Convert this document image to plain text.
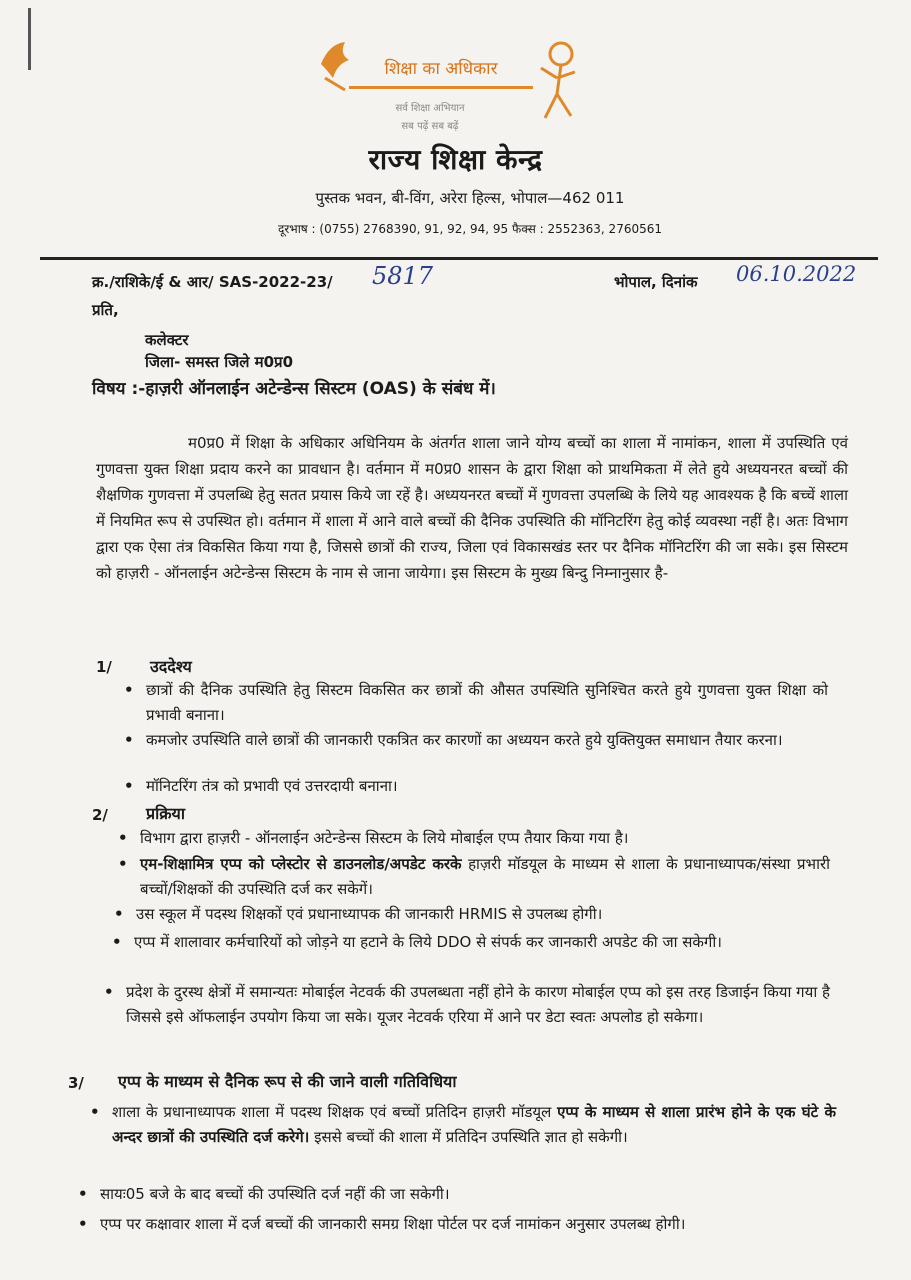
शिक्षा का अधिकार
सर्व शिक्षा अभियान
सब पढ़ें सब बढ़ें
राज्य शिक्षा केन्द्र
पुस्तक भवन, बी-विंग, अरेरा हिल्स, भोपाल—462 011
दूरभाष : (0755) 2768390, 91, 92, 94, 95 फैक्स : 2552363, 2760561
क्र./राशिके/ई & आर/ SAS-2022-23/ 5817	भोपाल, दिनांक 06.10.2022
प्रति,
कलेक्टर
जिला- समस्त जिले म0प्र0
विषय :-हाज़री ऑनलाईन अटेन्डेन्स सिस्टम (OAS) के संबंध में।
म0प्र0 में शिक्षा के अधिकार अधिनियम के अंतर्गत शाला जाने योग्य बच्चों का शाला में नामांकन, शाला में उपस्थिति एवं गुणवत्ता युक्त शिक्षा प्रदाय करने का प्रावधान है। वर्तमान में म0प्र0 शासन के द्वारा शिक्षा को प्राथमिकता में लेते हुये अध्ययनरत बच्चों की शैक्षणिक गुणवत्ता में उपलब्धि हेतु सतत प्रयास किये जा रहें है। अध्ययनरत बच्चों में गुणवत्ता उपलब्धि के लिये यह आवश्यक है कि बच्चें शाला में नियमित रूप से उपस्थित हो। वर्तमान में शाला में आने वाले बच्चों की दैनिक उपस्थिति की मॉनिटरिंग हेतु कोई व्यवस्था नहीं है। अतः विभाग द्वारा एक ऐसा तंत्र विकसित किया गया है, जिससे छात्रों की राज्य, जिला एवं विकासखंड स्तर पर दैनिक मॉनिटरिंग की जा सके। इस सिस्टम को हाज़री - ऑनलाईन अटेन्डेन्स सिस्टम के नाम से जाना जायेगा। इस सिस्टम के मुख्य बिन्दु निम्नानुसार है-
1/ उददेश्य
• छात्रों की दैनिक उपस्थिति हेतु सिस्टम विकसित कर छात्रों की औसत उपस्थिति सुनिश्चित करते हुये गुणवत्ता युक्त शिक्षा को प्रभावी बनाना।
• कमजोर उपस्थिति वाले छात्रों की जानकारी एकत्रित कर कारणों का अध्ययन करते हुये युक्तियुक्त समाधान तैयार करना।
• मॉनिटरिंग तंत्र को प्रभावी एवं उत्तरदायी बनाना।
2/ प्रक्रिया
• विभाग द्वारा हाज़री - ऑनलाईन अटेन्डेन्स सिस्टम के लिये मोबाईल एप्प तैयार किया गया है।
• एम-शिक्षामित्र एप्प को प्लेस्टोर से डाउनलोड/अपडेट करके हाज़री मॉडयूल के माध्यम से शाला के प्रधानाध्यापक/संस्था प्रभारी बच्चों/शिक्षकों की उपस्थिति दर्ज कर सकेगें।
• उस स्कूल में पदस्थ शिक्षकों एवं प्रधानाध्यापक की जानकारी HRMIS से उपलब्ध होगी।
• एप्प में शालावार कर्मचारियों को जोड़ने या हटाने के लिये DDO से संपर्क कर जानकारी अपडेट की जा सकेगी।
• प्रदेश के दुरस्थ क्षेत्रों में समान्यतः मोबाईल नेटवर्क की उपलब्धता नहीं होने के कारण मोबाईल एप्प को इस तरह डिजाईन किया गया है जिससे इसे ऑफलाईन उपयोग किया जा सके। यूजर नेटवर्क एरिया में आने पर डेटा स्वतः अपलोड हो सकेगा।
3/ एप्प के माध्यम से दैनिक रूप से की जाने वाली गतिविधिया
• शाला के प्रधानाध्यापक शाला में पदस्थ शिक्षक एवं बच्चों प्रतिदिन हाज़री मॉडयूल एप्प के माध्यम से शाला प्रारंभ होने के एक घंटे के अन्दर छात्रों की उपस्थिति दर्ज करेगे। इससे बच्चों की शाला में प्रतिदिन उपस्थिति ज्ञात हो सकेगी।
• सायः05 बजे के बाद बच्चों की उपस्थिति दर्ज नहीं की जा सकेगी।
• एप्प पर कक्षावार शाला में दर्ज बच्चों की जानकारी समग्र शिक्षा पोर्टल पर दर्ज नामांकन अनुसार उपलब्ध होगी।
